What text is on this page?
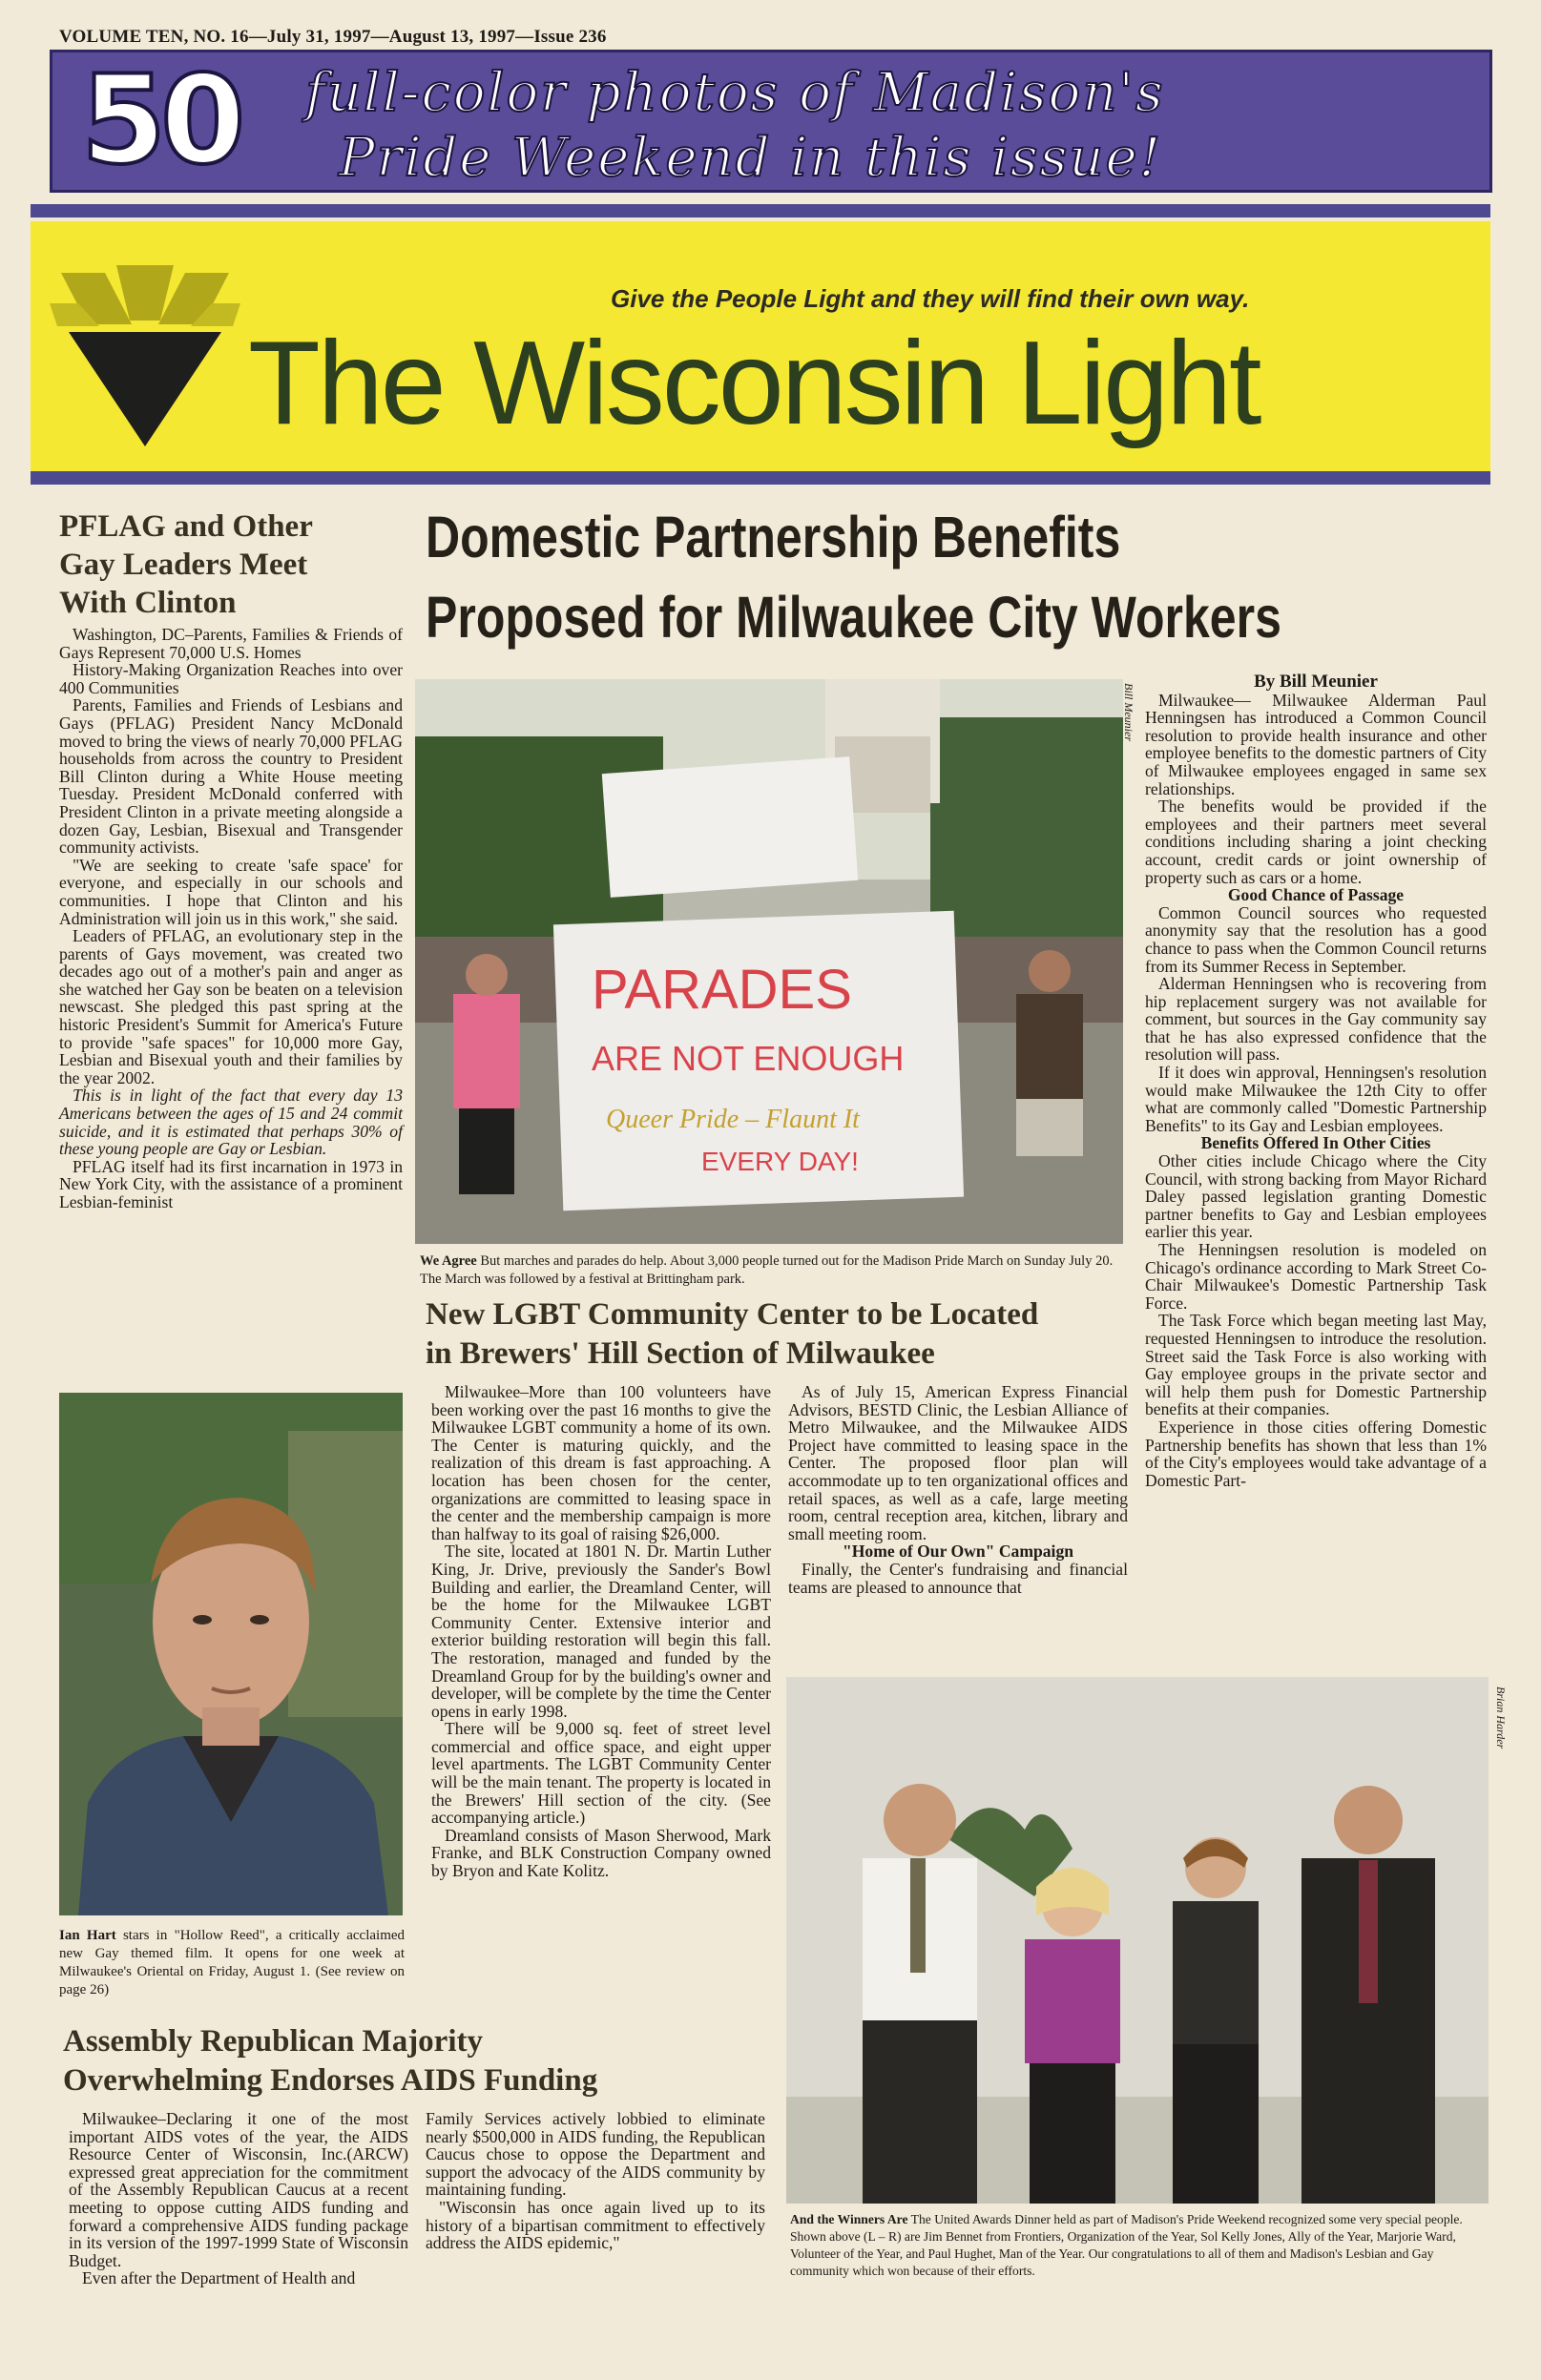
VOLUME TEN, NO. 16—July 31, 1997—August 13, 1997—Issue 236
50 full-color photos of Madison's
Pride Weekend in this issue!
Give the People Light and they will find their own way.
The Wisconsin Light
PFLAG and Other
Gay Leaders Meet
With Clinton

Washington, DC–Parents, Families & Friends of Gays Represent 70,000 U.S. Homes

History-Making Organization Reaches into over 400 Communities

Parents, Families and Friends of Lesbians and Gays (PFLAG) President Nancy McDonald moved to bring the views of nearly 70,000 PFLAG households from across the country to President Bill Clinton during a White House meeting Tuesday. President McDonald conferred with President Clinton in a private meeting alongside a dozen Gay, Lesbian, Bisexual and Transgender community activists.

"We are seeking to create 'safe space' for everyone, and especially in our schools and communities. I hope that Clinton and his Administration will join us in this work," she said.

Leaders of PFLAG, an evolutionary step in the parents of Gays movement, was created two decades ago out of a mother's pain and anger as she watched her Gay son be beaten on a television newscast. She pledged this past spring at the historic President's Summit for America's Future to provide "safe spaces" for 10,000 more Gay, Lesbian and Bisexual youth and their families by the year 2002.

This is in light of the fact that every day 13 Americans between the ages of 15 and 24 commit suicide, and it is estimated that perhaps 30% of these young people are Gay or Lesbian.

PFLAG itself had its first incarnation in 1973 in New York City, with the assistance of a prominent Lesbian-feminist

Ian Hart stars in "Hollow Reed", a critically acclaimed new Gay themed film. It opens for one week at Milwaukee's Oriental on Friday, August 1. (See review on page 26)
Domestic Partnership Benefits
Proposed for Milwaukee City Workers
PARADES
ARE NOT ENOUGH
Queer Pride – Flaunt It
EVERY DAY!
Bill Meunier
We Agree But marches and parades do help. About 3,000 people turned out for the Madison Pride March on Sunday July 20. The March was followed by a festival at Brittingham park.
By Bill Meunier

Milwaukee— Milwaukee Alderman Paul Henningsen has introduced a Common Council resolution to provide health insurance and other employee benefits to the domestic partners of City of Milwaukee employees engaged in same sex relationships.

The benefits would be provided if the employees and their partners meet several conditions including sharing a joint checking account, credit cards or joint ownership of property such as cars or a home.

Good Chance of Passage

Common Council sources who requested anonymity say that the resolution has a good chance to pass when the Common Council returns from its Summer Recess in September.

Alderman Henningsen who is recovering from hip replacement surgery was not available for comment, but sources in the Gay community say that he has also expressed confidence that the resolution will pass.

If it does win approval, Henningsen's resolution would make Milwaukee the 12th City to offer what are commonly called "Domestic Partnership Benefits" to its Gay and Lesbian employees.

Benefits Offered In Other Cities

Other cities include Chicago where the City Council, with strong backing from Mayor Richard Daley passed legislation granting Domestic partner benefits to Gay and Lesbian employees earlier this year.

The Henningsen resolution is modeled on Chicago's ordinance according to Mark Street Co-Chair Milwaukee's Domestic Partnership Task Force.

The Task Force which began meeting last May, requested Henningsen to introduce the resolution. Street said the Task Force is also working with Gay employee groups in the private sector and will help them push for Domestic Partnership benefits at their companies.

Experience in those cities offering Domestic Partnership benefits has shown that less than 1% of the City's employees would take advantage of a Domestic Part-

New LGBT Community Center to be Located
in Brewers' Hill Section of Milwaukee

Milwaukee–More than 100 volunteers have been working over the past 16 months to give the Milwaukee LGBT community a home of its own. The Center is maturing quickly, and the realization of this dream is fast approaching. A location has been chosen for the center, organizations are committed to leasing space in the center and the membership campaign is more than halfway to its goal of raising $26,000.

The site, located at 1801 N. Dr. Martin Luther King, Jr. Drive, previously the Sander's Bowl Building and earlier, the Dreamland Center, will be the home for the Milwaukee LGBT Community Center. Extensive interior and exterior building restoration will begin this fall. The restoration, managed and funded by the Dreamland Group for by the building's owner and developer, will be complete by the time the Center opens in early 1998.

There will be 9,000 sq. feet of street level commercial and office space, and eight upper level apartments. The LGBT Community Center will be the main tenant. The property is located in the Brewers' Hill section of the city. (See accompanying article.)

Dreamland consists of Mason Sherwood, Mark Franke, and BLK Construction Company owned by Bryon and Kate Kolitz.

As of July 15, American Express Financial Advisors, BESTD Clinic, the Lesbian Alliance of Metro Milwaukee, and the Milwaukee AIDS Project have committed to leasing space in the Center. The proposed floor plan will accommodate up to ten organizational offices and retail spaces, as well as a cafe, large meeting room, central reception area, kitchen, library and small meeting room.

"Home of Our Own" Campaign

Finally, the Center's fundraising and financial teams are pleased to announce that

Brian Harder
And the Winners Are The United Awards Dinner held as part of Madison's Pride Weekend recognized some very special people. Shown above (L – R) are Jim Bennet from Frontiers, Organization of the Year, Sol Kelly Jones, Ally of the Year, Marjorie Ward, Volunteer of the Year, and Paul Hughet, Man of the Year. Our congratulations to all of them and Madison's Lesbian and Gay community which won because of their efforts.
Assembly Republican Majority
Overwhelming Endorses AIDS Funding

Milwaukee–Declaring it one of the most important AIDS votes of the year, the AIDS Resource Center of Wisconsin, Inc.(ARCW) expressed great appreciation for the commitment of the Assembly Republican Caucus at a recent meeting to oppose cutting AIDS funding and forward a comprehensive AIDS funding package in its version of the 1997-1999 State of Wisconsin Budget.

Even after the Department of Health and

Family Services actively lobbied to eliminate nearly $500,000 in AIDS funding, the Republican Caucus chose to oppose the Department and support the advocacy of the AIDS community by maintaining funding.

"Wisconsin has once again lived up to its history of a bipartisan commitment to effectively address the AIDS epidemic,"
